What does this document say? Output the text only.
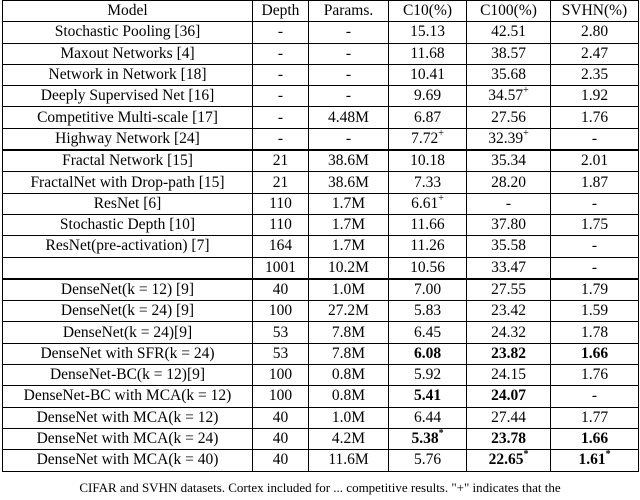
Model	Depth	Params.	C10(%)	C100(%)	SVHN(%)
Stochastic Pooling [36]	-	-	15.13	42.51	2.80
Maxout Networks [4]	-	-	11.68	38.57	2.47
Network in Network [18]	-	-	10.41	35.68	2.35
Deeply Supervised Net [16]	-	-	9.69	34.57+	1.92
Competitive Multi-scale [17]	-	4.48M	6.87	27.56	1.76
Highway Network [24]	-	-	7.72+	32.39+	-
Fractal Network [15]	21	38.6M	10.18	35.34	2.01
FractalNet with Drop-path [15]	21	38.6M	7.33	28.20	1.87
ResNet [6]	110	1.7M	6.61+	-	-
Stochastic Depth [10]	110	1.7M	11.66	37.80	1.75
ResNet(pre-activation) [7]	164	1.7M	11.26	35.58	-
	1001	10.2M	10.56	33.47	-
DenseNet(k = 12) [9]	40	1.0M	7.00	27.55	1.79
DenseNet(k = 24) [9]	100	27.2M	5.83	23.42	1.59
DenseNet(k = 24)[9]	53	7.8M	6.45	24.32	1.78
DenseNet with SFR(k = 24)	53	7.8M	6.08	23.82	1.66
DenseNet-BC(k = 12)[9]	100	0.8M	5.92	24.15	1.76
DenseNet-BC with MCA(k = 12)	100	0.8M	5.41	24.07	-
DenseNet with MCA(k = 12)	40	1.0M	6.44	27.44	1.77
DenseNet with MCA(k = 24)	40	4.2M	5.38*	23.78	1.66
DenseNet with MCA(k = 40)	40	11.6M	5.76	22.65*	1.61*
CIFAR and SVHN datasets. Cortex included for ... competitive results. "+" indicates that the
